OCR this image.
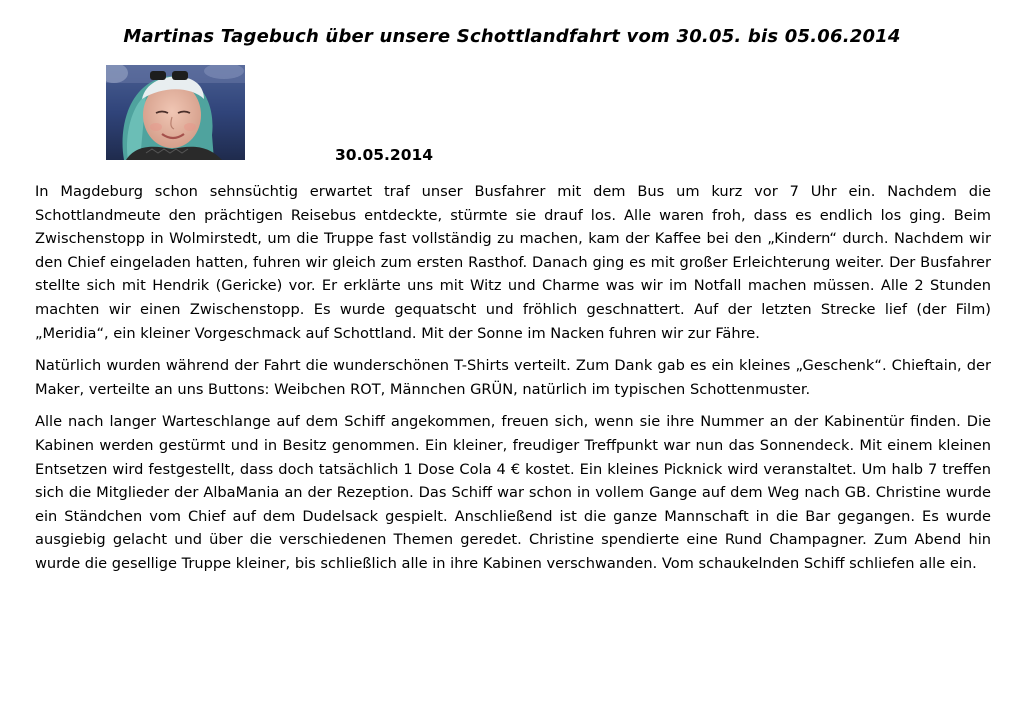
Martinas Tagebuch über unsere Schottlandfahrt vom 30.05. bis 05.06.2014
30.05.2014

In Magdeburg schon sehnsüchtig erwartet traf unser Busfahrer mit dem Bus um kurz vor 7 Uhr ein. Nachdem die Schottlandmeute den prächtigen Reisebus entdeckte, stürmte sie drauf los. Alle waren froh, dass es endlich los ging. Beim Zwischenstopp in Wolmirstedt, um die Truppe fast vollständig zu machen, kam der Kaffee bei den „Kindern“ durch. Nachdem wir den Chief eingeladen hatten, fuhren wir gleich zum ersten Rasthof. Danach ging es mit großer Erleichterung weiter. Der Busfahrer stellte sich mit Hendrik (Gericke) vor. Er erklärte uns mit Witz und Charme was wir im Notfall machen müssen. Alle 2 Stunden machten wir einen Zwischenstopp. Es wurde gequatscht und fröhlich geschnattert. Auf der letzten Strecke lief (der Film) „Meridia“, ein kleiner Vorgeschmack auf Schottland. Mit der Sonne im Nacken fuhren wir zur Fähre.

Natürlich wurden während der Fahrt die wunderschönen T-Shirts verteilt. Zum Dank gab es ein kleines „Geschenk“. Chieftain, der Maker, verteilte an uns Buttons: Weibchen ROT, Männchen GRÜN, natürlich im typischen Schottenmuster.

Alle nach langer Warteschlange auf dem Schiff angekommen, freuen sich, wenn sie ihre Nummer an der Kabinentür finden. Die Kabinen werden gestürmt und in Besitz genommen. Ein kleiner, freudiger Treffpunkt war nun das Sonnendeck. Mit einem kleinen Entsetzen wird festgestellt, dass doch tatsächlich 1 Dose Cola 4 € kostet. Ein kleines Picknick wird veranstaltet. Um halb 7 treffen sich die Mitglieder der AlbaMania an der Rezeption. Das Schiff war schon in vollem Gange auf dem Weg nach GB. Christine wurde ein Ständchen vom Chief auf dem Dudelsack gespielt. Anschließend ist die ganze Mannschaft in die Bar gegangen. Es wurde ausgiebig gelacht und über die verschiedenen Themen geredet. Christine spendierte eine Rund Champagner. Zum Abend hin wurde die gesellige Truppe kleiner, bis schließlich alle in ihre Kabinen verschwanden. Vom schaukelnden Schiff schliefen alle ein.
